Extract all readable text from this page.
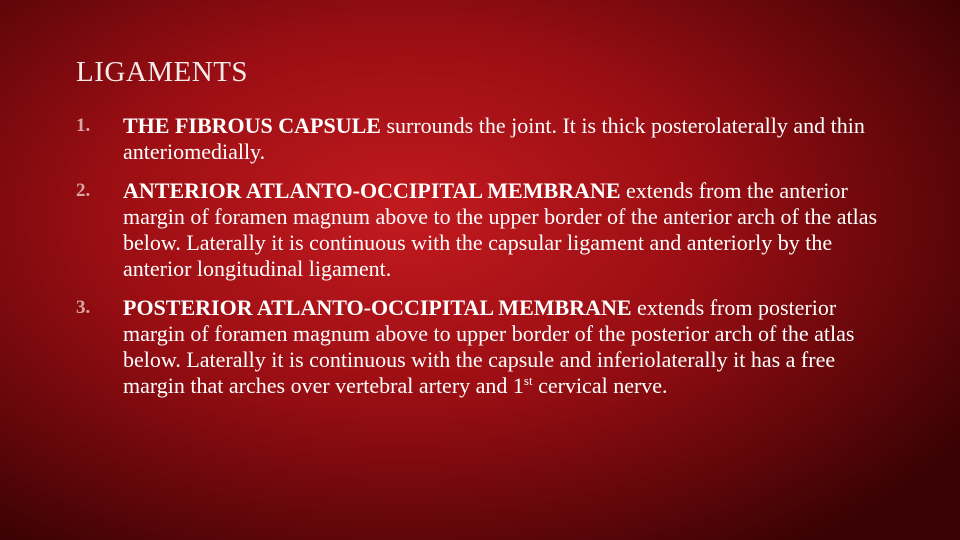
LIGAMENTS
1.	THE FIBROUS CAPSULE surrounds the joint. It is thick posterolaterally and thin anteriomedially.
2.	ANTERIOR ATLANTO-OCCIPITAL MEMBRANE extends from the anterior margin of foramen magnum above to the upper border of the anterior arch of the atlas below. Laterally it is continuous with the capsular ligament and anteriorly by the anterior longitudinal ligament.
3.	POSTERIOR ATLANTO-OCCIPITAL MEMBRANE extends from posterior margin of foramen magnum above to upper border of the posterior arch of the atlas below. Laterally it is continuous with the capsule and inferiolaterally it has a free margin that arches over vertebral artery and 1st cervical nerve.
